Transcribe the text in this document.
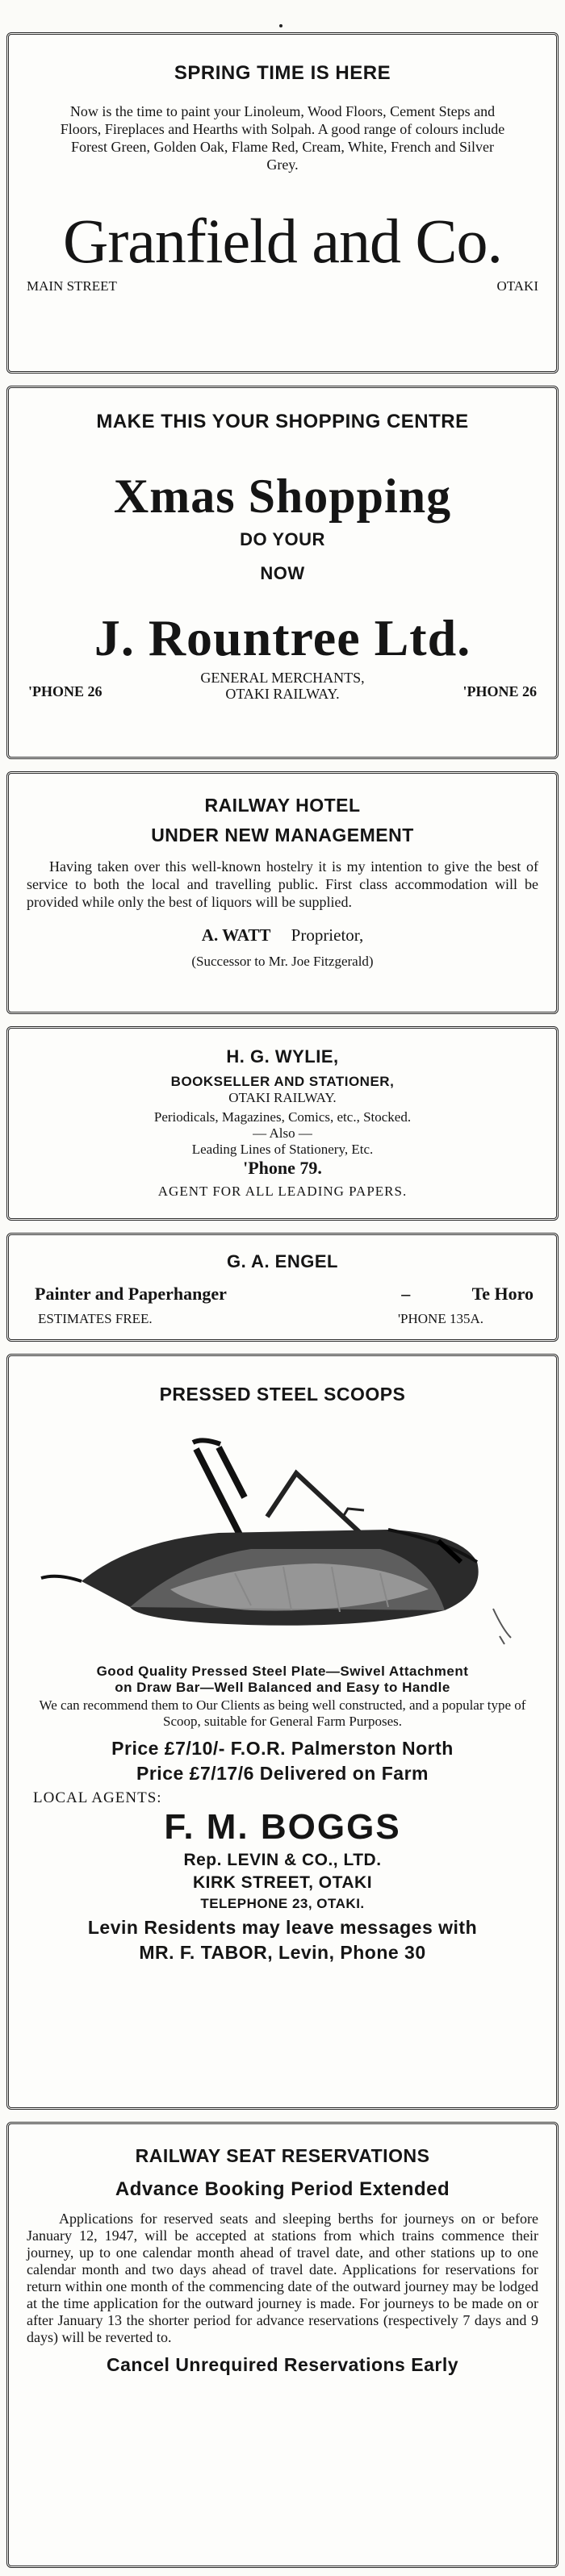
SPRING TIME IS HERE
Now is the time to paint your Linoleum, Wood Floors, Cement Steps and Floors, Fireplaces and Hearths with Solpah. A good range of colours include Forest Green, Golden Oak, Flame Red, Cream, White, French and Silver Grey.
Granfield and Co.
MAIN STREET	OTAKI
MAKE THIS YOUR SHOPPING CENTRE
Xmas Shopping
DO YOUR
NOW
J. Rountree Ltd.
'PHONE 26
GENERAL MERCHANTS,
OTAKI RAILWAY.	'PHONE 26
RAILWAY HOTEL
UNDER NEW MANAGEMENT
Having taken over this well-known hostelry it is my intention to give the best of service to both the local and travelling public. First class accommodation will be provided while only the best of liquors will be supplied.
A. WATT Proprietor,
(Successor to Mr. Joe Fitzgerald)
H. G. WYLIE,
BOOKSELLER AND STATIONER,
OTAKI RAILWAY.
Periodicals, Magazines, Comics, etc., Stocked.
— Also —
Leading Lines of Stationery, Etc.
'Phone 79.
AGENT FOR ALL LEADING PAPERS.
G. A. ENGEL
Painter and Paperhanger	–	Te Horo
ESTIMATES FREE.	'PHONE 135A.
PRESSED STEEL SCOOPS
Good Quality Pressed Steel Plate—Swivel Attachment
on Draw Bar—Well Balanced and Easy to Handle
We can recommend them to Our Clients as being well constructed, and a popular type of Scoop, suitable for General Farm Purposes.
Price £7/10/- F.O.R. Palmerston North
Price £7/17/6 Delivered on Farm
LOCAL AGENTS:
F. M. BOGGS
Rep. LEVIN & CO., LTD.
KIRK STREET, OTAKI
TELEPHONE 23, OTAKI.
Levin Residents may leave messages with
MR. F. TABOR, Levin, Phone 30
RAILWAY SEAT RESERVATIONS
Advance Booking Period Extended
Applications for reserved seats and sleeping berths for journeys on or before January 12, 1947, will be accepted at stations from which trains commence their journey, up to one calendar month ahead of travel date, and other stations up to one calendar month and two days ahead of travel date. Applications for reservations for return within one month of the commencing date of the outward journey may be lodged at the time application for the outward journey is made. For journeys to be made on or after January 13 the shorter period for advance reservations (respectively 7 days and 9 days) will be reverted to.
Cancel Unrequired Reservations Early
